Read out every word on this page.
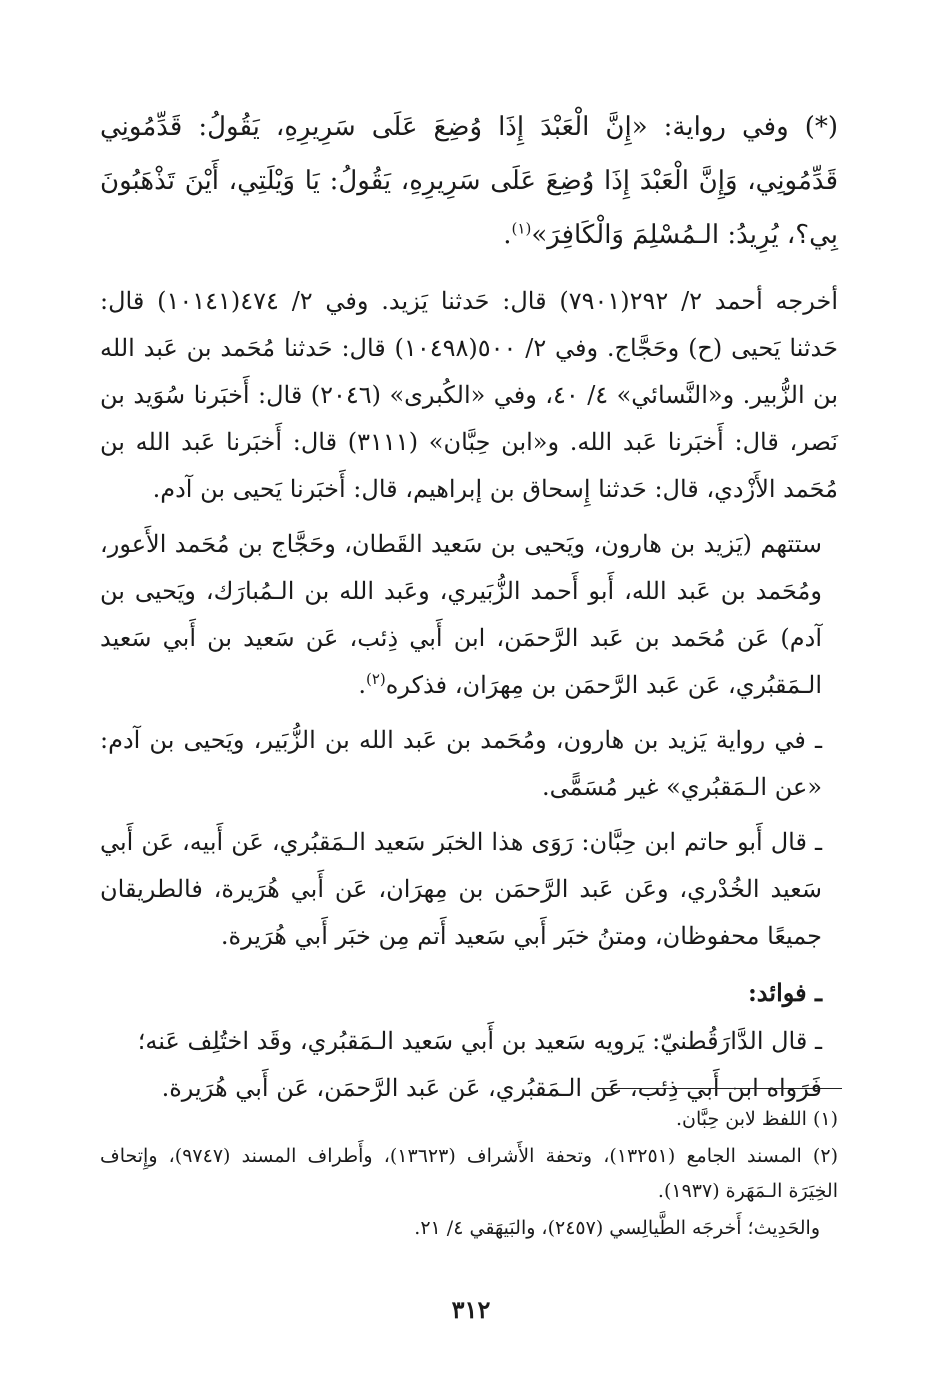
(*) وفي رواية: «إِنَّ الْعَبْدَ إِذَا وُضِعَ عَلَى سَرِيرِهِ، يَقُولُ: قَدِّمُونِي قَدِّمُونِي، وَإِنَّ الْعَبْدَ إِذَا وُضِعَ عَلَى سَرِيرِهِ، يَقُولُ: يَا وَيْلَتِي، أَيْنَ تَذْهَبُونَ بِي؟، يُرِيدُ: الـمُسْلِمَ وَالْكَافِرَ»$^{(١)}$.

أخرجه أحمد ٢/ ٢٩٢(٧٩٠١) قال: حَدثنا يَزيد. وفي ٢/ ٤٧٤(١٠١٤١) قال: حَدثنا يَحيى (ح) وحَجَّاج. وفي ٢/ ٥٠٠(١٠٤٩٨) قال: حَدثنا مُحَمد بن عَبد الله بن الزُّبير. و«النَّسائي» ٤/ ٤٠، وفي «الكُبرى» (٢٠٤٦) قال: أَخبَرنا سُوَيد بن نَصر، قال: أَخبَرنا عَبد الله. و«ابن حِبَّان» (٣١١١) قال: أَخبَرنا عَبد الله بن مُحَمد الأَزْدي، قال: حَدثنا إِسحاق بن إبراهيم، قال: أَخبَرنا يَحيى بن آدم.

ستتهم (يَزيد بن هارون، ويَحيى بن سَعيد القَطان، وحَجَّاج بن مُحَمد الأَعور، ومُحَمد بن عَبد الله، أَبو أَحمد الزُّبَيري، وعَبد الله بن الـمُبارَك، ويَحيى بن آدم) عَن مُحَمد بن عَبد الرَّحمَن، ابن أَبي ذِئب، عَن سَعيد بن أَبي سَعيد الـمَقبُري، عَن عَبد الرَّحمَن بن مِهرَان، فذكره$^{(٢)}$.

ـ في رواية يَزيد بن هارون، ومُحَمد بن عَبد الله بن الزُّبَير، ويَحيى بن آدم: «عن الـمَقبُري» غير مُسَمًّى.

ـ قال أَبو حاتم ابن حِبَّان: رَوَى هذا الخبَر سَعيد الـمَقبُري، عَن أَبيه، عَن أَبي سَعيد الخُدْري، وعَن عَبد الرَّحمَن بن مِهرَان، عَن أَبي هُرَيرة، فالطريقان جميعًا محفوظان، ومتنُ خبَر أَبي سَعيد أَتم مِن خبَر أَبي هُرَيرة.

ـ فوائد:

ـ قال الدَّارَقُطنيّ: يَرويه سَعيد بن أَبي سَعيد الـمَقبُري، وقَد اختُلِف عَنه؛

فَرَواه ابن أَبي ذِئب، عَن الـمَقبُري، عَن عَبد الرَّحمَن، عَن أَبي هُرَيرة.

(١) اللفظ لابن حِبَّان.

(٢) المسند الجامع (١٣٢٥١)، وتحفة الأَشراف (١٣٦٢٣)، وأَطراف المسند (٩٧٤٧)، وإِتحاف الخِيَرَة الـمَهَرة (١٩٣٧).

والحَدِيث؛ أَخرجَه الطَّيالِسي (٢٤٥٧)، والبَيهَقي ٤/ ٢١.

٣١٢
